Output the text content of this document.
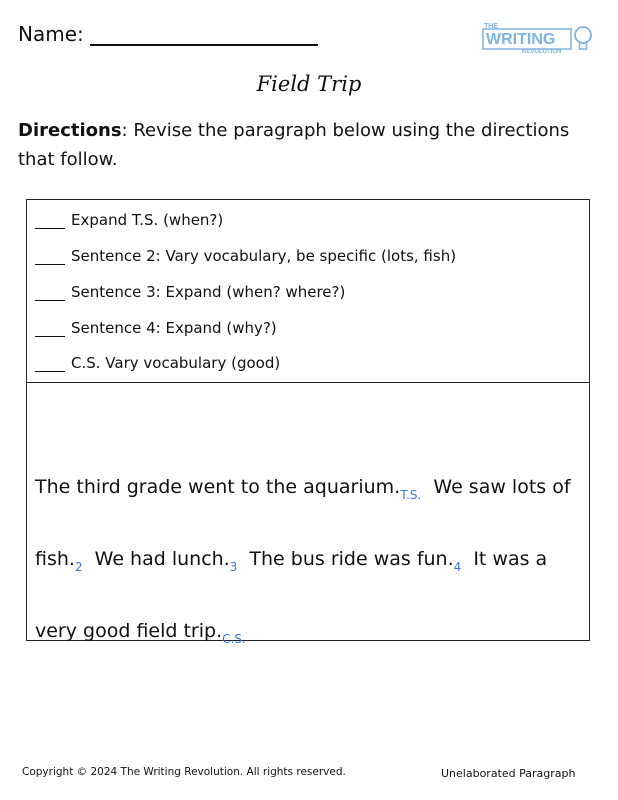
Name:	THE
WRITING
REVOLUTION
Field Trip
Directions: Revise the paragraph below using the directions that follow.
Expand T.S. (when?)
Sentence 2: Vary vocabulary, be specific (lots, fish)
Sentence 3: Expand (when? where?)
Sentence 4: Expand (why?)
C.S. Vary vocabulary (good)
The third grade went to the $aquarium._{T.S.}$ We saw lots of $fish._2$ We had $lunch._3$ The bus ride was $fun._4$ It was a very good field $trip._{C.S.}$
Copyright © 2024 The Writing Revolution. All rights reserved.	Unelaborated Paragraph
